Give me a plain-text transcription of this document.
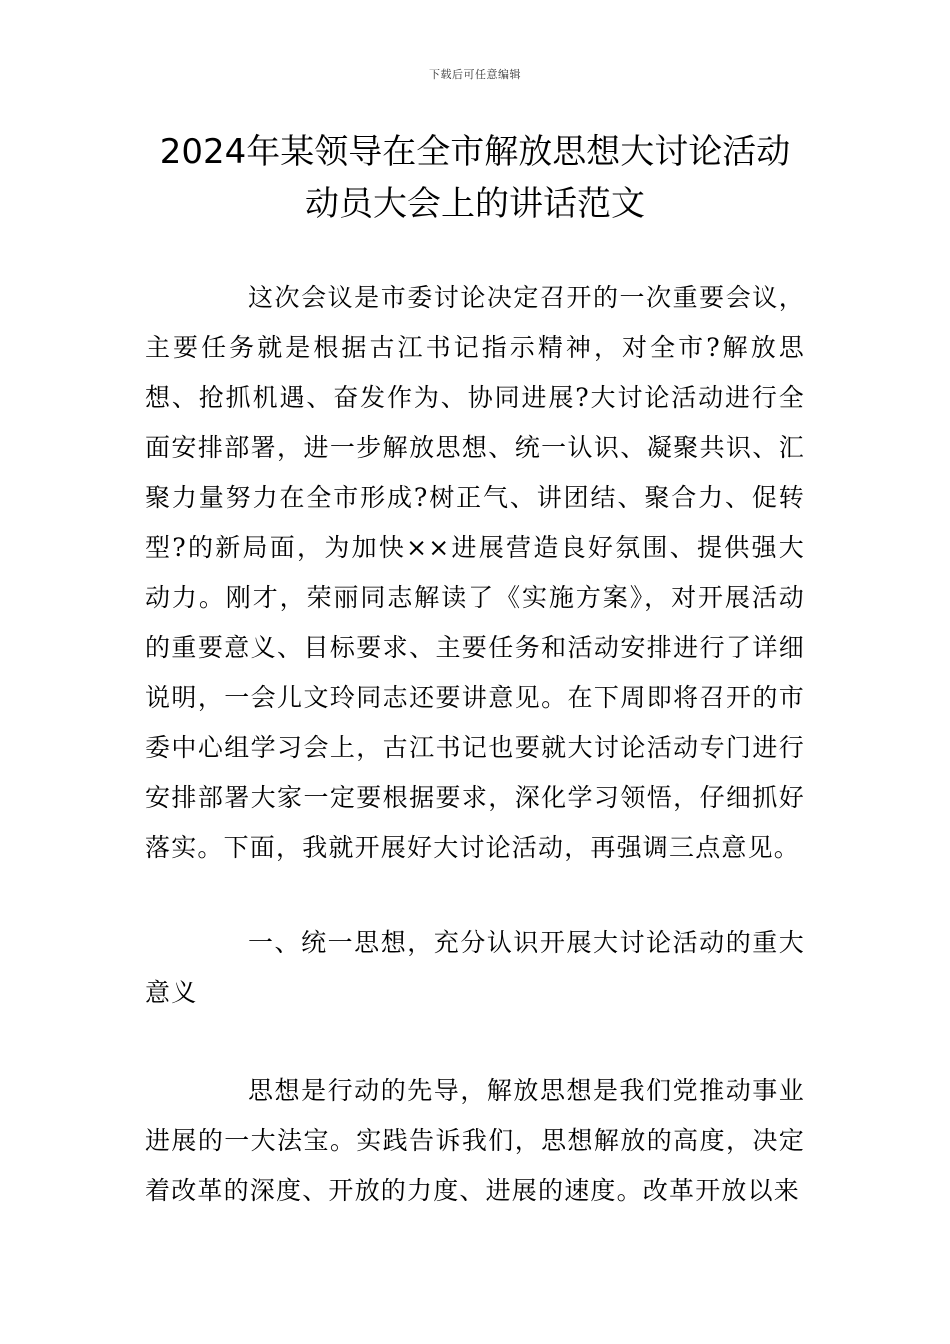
下载后可任意编辑
2024年某领导在全市解放思想大讨论活动
动员大会上的讲话范文

这次会议是市委讨论决定召开的一次重要会议，主要任务就是根据古江书记指示精神，对全市?解放思想、抢抓机遇、奋发作为、协同进展?大讨论活动进行全面安排部署，进一步解放思想、统一认识、凝聚共识、汇聚力量努力在全市形成?树正气、讲团结、聚合力、促转型?的新局面，为加快××进展营造良好氛围、提供强大动力。刚才，荣丽同志解读了《实施方案》，对开展活动的重要意义、目标要求、主要任务和活动安排进行了详细说明，一会儿文玲同志还要讲意见。在下周即将召开的市委中心组学习会上，古江书记也要就大讨论活动专门进行安排部署大家一定要根据要求，深化学习领悟，仔细抓好落实。下面，我就开展好大讨论活动，再强调三点意见。

一、统一思想，充分认识开展大讨论活动的重大意义

思想是行动的先导，解放思想是我们党推动事业进展的一大法宝。实践告诉我们，思想解放的高度，决定着改革的深度、开放的力度、进展的速度。改革开放以来
